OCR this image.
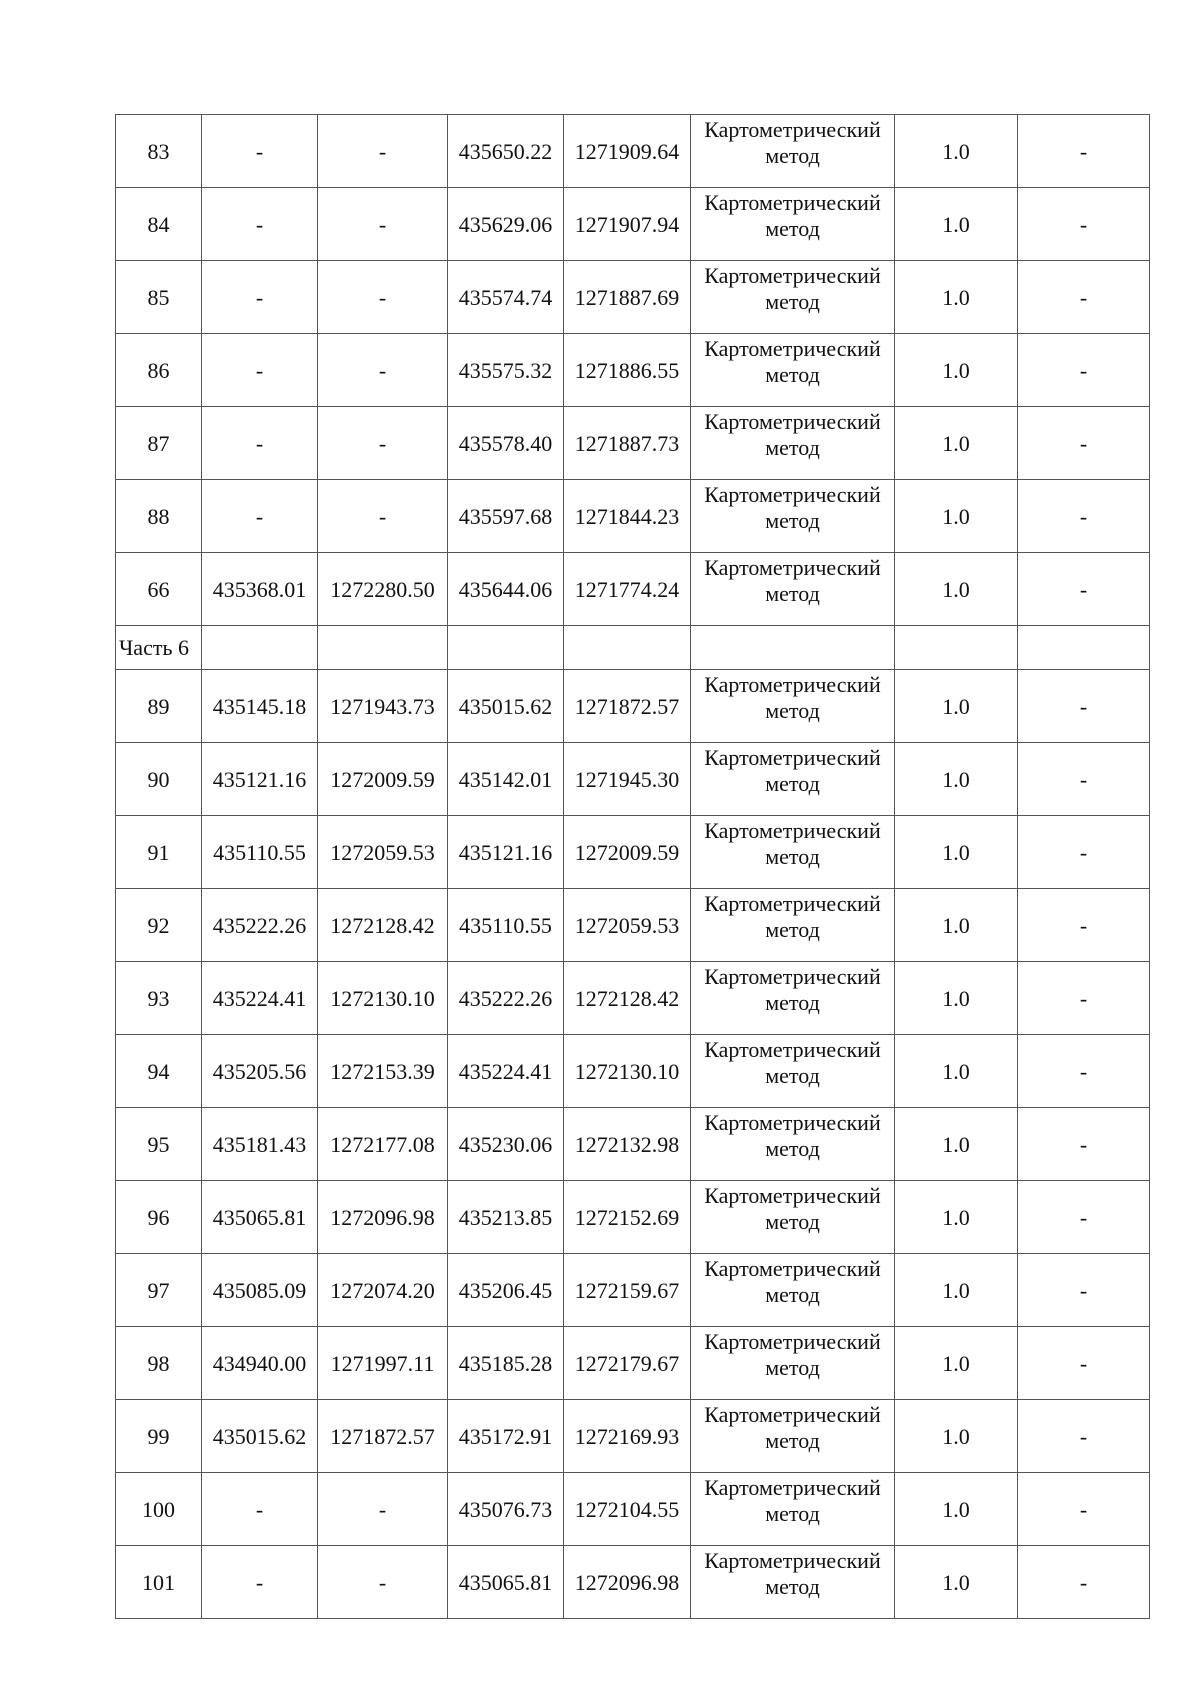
83	-	-	435650.22	1271909.64	Картометрический метод	1.0	-
84	-	-	435629.06	1271907.94	Картометрический метод	1.0	-
85	-	-	435574.74	1271887.69	Картометрический метод	1.0	-
86	-	-	435575.32	1271886.55	Картометрический метод	1.0	-
87	-	-	435578.40	1271887.73	Картометрический метод	1.0	-
88	-	-	435597.68	1271844.23	Картометрический метод	1.0	-
66	435368.01	1272280.50	435644.06	1271774.24	Картометрический метод	1.0	-
Часть 6							
89	435145.18	1271943.73	435015.62	1271872.57	Картометрический метод	1.0	-
90	435121.16	1272009.59	435142.01	1271945.30	Картометрический метод	1.0	-
91	435110.55	1272059.53	435121.16	1272009.59	Картометрический метод	1.0	-
92	435222.26	1272128.42	435110.55	1272059.53	Картометрический метод	1.0	-
93	435224.41	1272130.10	435222.26	1272128.42	Картометрический метод	1.0	-
94	435205.56	1272153.39	435224.41	1272130.10	Картометрический метод	1.0	-
95	435181.43	1272177.08	435230.06	1272132.98	Картометрический метод	1.0	-
96	435065.81	1272096.98	435213.85	1272152.69	Картометрический метод	1.0	-
97	435085.09	1272074.20	435206.45	1272159.67	Картометрический метод	1.0	-
98	434940.00	1271997.11	435185.28	1272179.67	Картометрический метод	1.0	-
99	435015.62	1271872.57	435172.91	1272169.93	Картометрический метод	1.0	-
100	-	-	435076.73	1272104.55	Картометрический метод	1.0	-
101	-	-	435065.81	1272096.98	Картометрический метод	1.0	-
